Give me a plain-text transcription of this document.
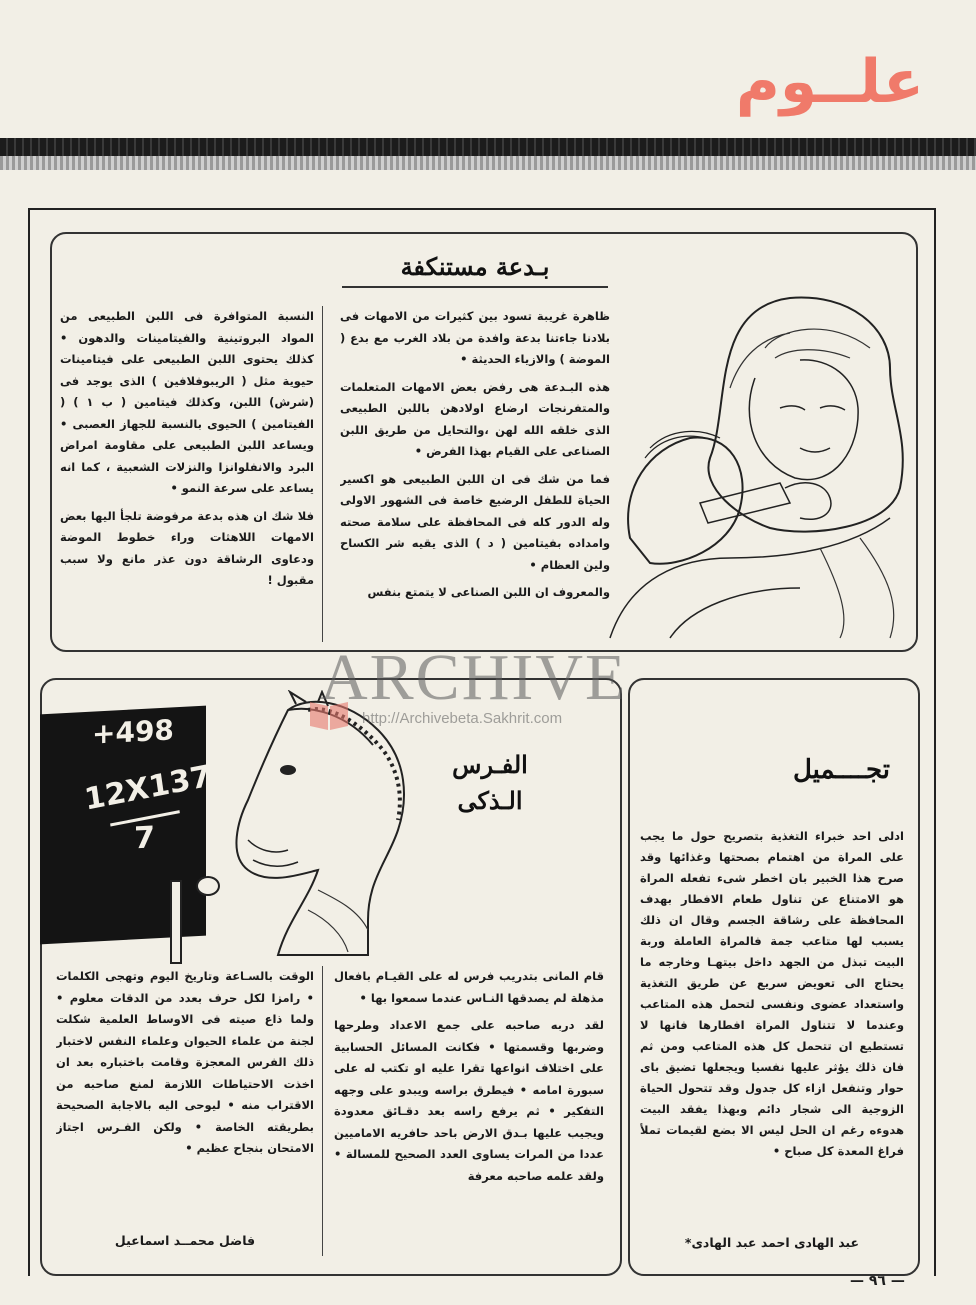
علــوم
بـدعة مستنكفة

ظاهرة غريبة تسود بين كثيرات من الامهات فى بلادنا جاءتنا بدعة وافدة من بلاد الغرب مع بدع ( الموضة ) والازياء الحديثة •

هذه البـدعة هى رفض بعض الامهات المتعلمات والمتفرنجات ارضاع اولادهن باللبن الطبيعى الذى خلقه الله لهن ،والتحايل من طريق اللبن الصناعى على القيام بهذا الفرض •

فما من شك فى ان اللبن الطبيعى هو اكسير الحياة للطفل الرضيع خاصة فى الشهور الاولى وله الدور كله فى المحافظة على سلامة صحته وامداده بفيتامين ( د ) الذى يقيه شر الكساح ولين العظام •

والمعروف ان اللبن الصناعى لا يتمتع بنفس

النسبة المتوافرة فى اللبن الطبيعى من المواد البروتينية والفيتامينات والدهون • كذلك يحتوى اللبن الطبيعى على فيتامينات حيوية مثل ( الريبوفلافين ) الذى يوجد فى (شرش) اللبن، وكذلك فيتامين ( ب ١ ) ( الفيتامين ) الحيوى بالنسبة للجهاز العصبى • ويساعد اللبن الطبيعى على مقاومة امراض البرد والانفلوانزا والنزلات الشعبية ، كما انه يساعد على سرعة النمو •

فلا شك ان هذه بدعة مرفوضة تلجأ اليها بعض الامهات اللاهثات وراء خطوط الموضة ودعاوى الرشاقة دون عذر مانع ولا سبب مقبول !

تجــــميل

ادلى احد خبراء التغذية بتصريح حول ما يجب على المراة من اهتمام بصحتها وغذائها وقد صرح هذا الخبير بان اخطر شىء تفعله المراة هو الامتناع عن تناول طعام الافطار بهدف المحافظة على رشاقة الجسم وقال ان ذلك يسبب لها متاعب جمة فالمراة العاملة وربة البيت تبذل من الجهد داخل بيتهـا وخارجه ما يحتاج الى تعويض سريع عن طريق التغذية واستعداد عضوى ونفسى لتحمل هذه المتاعب وعندما لا تتناول المراة افطارها فانها لا تستطيع ان تتحمل كل هذه المتاعب ومن ثم فان ذلك يؤثر عليها نفسيا ويجعلها تضيق باى حوار وتنفعل ازاء كل جدول وقد تتحول الحياة الزوجية الى شجار دائم وبهذا يفقد البيت هدوءه رغم ان الحل ليس الا بضع لقيمات تملأ فراغ المعدة كل صباح •

عبد الهادى احمد عبد الهادى*
+498
12X137
7
الفـرس
الـذكى

قام المانى بتدريب فرس له على القيـام بافعال مذهلة لم يصدقها النـاس عندما سمعوا بها •

لقد دربه صاحبه على جمع الاعداد وطرحها وضربها وقسمتها • فكانت المسائل الحسابية على اختلاف انواعها تقرا عليه او تكتب له على سبورة امامه • فيطرق براسه ويبدو على وجهه التفكير • ثم يرفع راسه بعد دقـائق معدودة ويجيب عليها بـدق الارض باحد حافريه الاماميين عددا من المرات يساوى العدد الصحيح للمسالة • ولقد علمه صاحبه معرفة

الوقت بالسـاعة وتاريخ اليوم وتهجى الكلمات • رامزا لكل حرف بعدد من الدقات معلوم • ولما ذاع صيته فى الاوساط العلمية شكلت لجنة من علماء الحيوان وعلماء النفس لاختبار ذلك الفرس المعجزة وقامت باختباره بعد ان اخذت الاحتياطات اللازمة لمنع صاحبه من الاقتراب منه • ليوحى اليه بالاجابة الصحيحة بطريقته الخاصة • ولكن الفـرس اجتاز الامتحان بنجاح عظيم •

فاضل محمــد اسماعيل
ARCHIVE
http://Archivebeta.Sakhrit.com
— ٩٦ —
